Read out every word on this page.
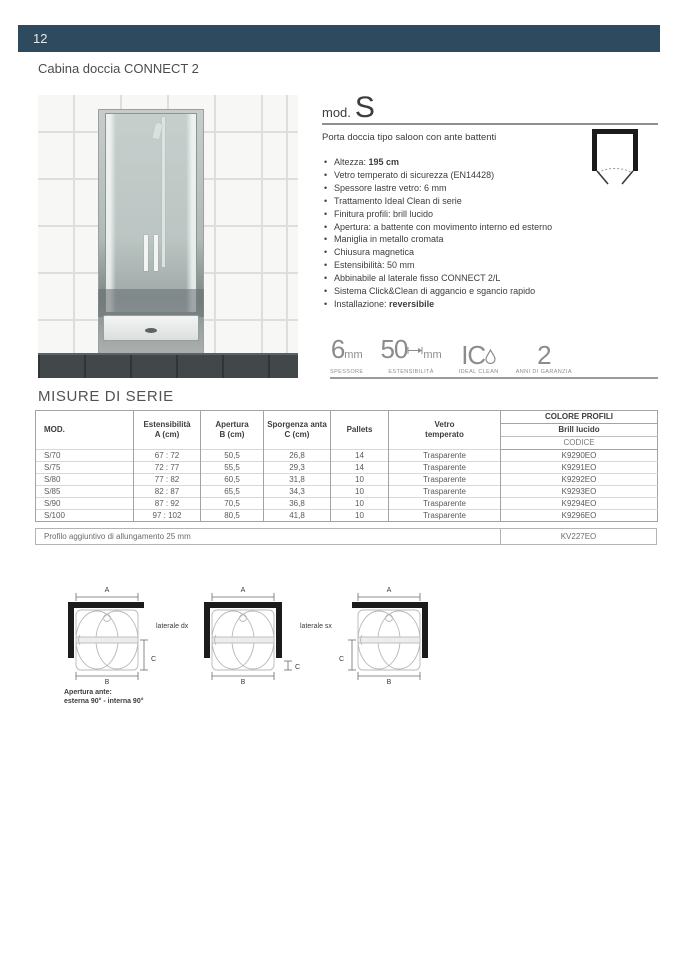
12
Cabina doccia CONNECT 2
mod. S
Porta doccia tipo saloon con ante battenti
• Altezza: 195 cm
• Vetro temperato di sicurezza (EN14428)
• Spessore lastre vetro: 6 mm
• Trattamento Ideal Clean di serie
• Finitura profili: brill lucido
• Apertura: a battente con movimento interno ed esterno
• Maniglia in metallo cromata
• Chiusura magnetica
• Estensibilità: 50 mm
• Abbinabile al laterale fisso CONNECT 2/L
• Sistema Click&Clean di aggancio e sgancio rapido
• Installazione: reversibile
6mm
SPESSORE
50 mm
ESTENSIBILITÀ
IC
IDEAL CLEAN
2
ANNI DI GARANZIA
MISURE DI SERIE
MOD.	
Estensibilità
A (cm)

Apertura
B (cm)

Sporgenza anta
C (cm)
	Pallets	
Vetro
temperato
	COLORE PROFILI
						Brill lucido
						CODICE
S/70	67 : 72	50,5	26,8	14	Trasparente	K9290EO
S/75	72 : 77	55,5	29,3	14	Trasparente	K9291EO
S/80	77 : 82	60,5	31,8	10	Trasparente	K9292EO
S/85	82 : 87	65,5	34,3	10	Trasparente	K9293EO
S/90	87 : 92	70,5	36,8	10	Trasparente	K9294EO
S/100	97 : 102	80,5	41,8	10	Trasparente	K9296EO
Profilo aggiuntivo di allungamento 25 mm	KV227EO
A
B
C
laterale dx
A
B
C
laterale sx
A
B
C
Apertura ante:
esterna 90° - interna 90°
